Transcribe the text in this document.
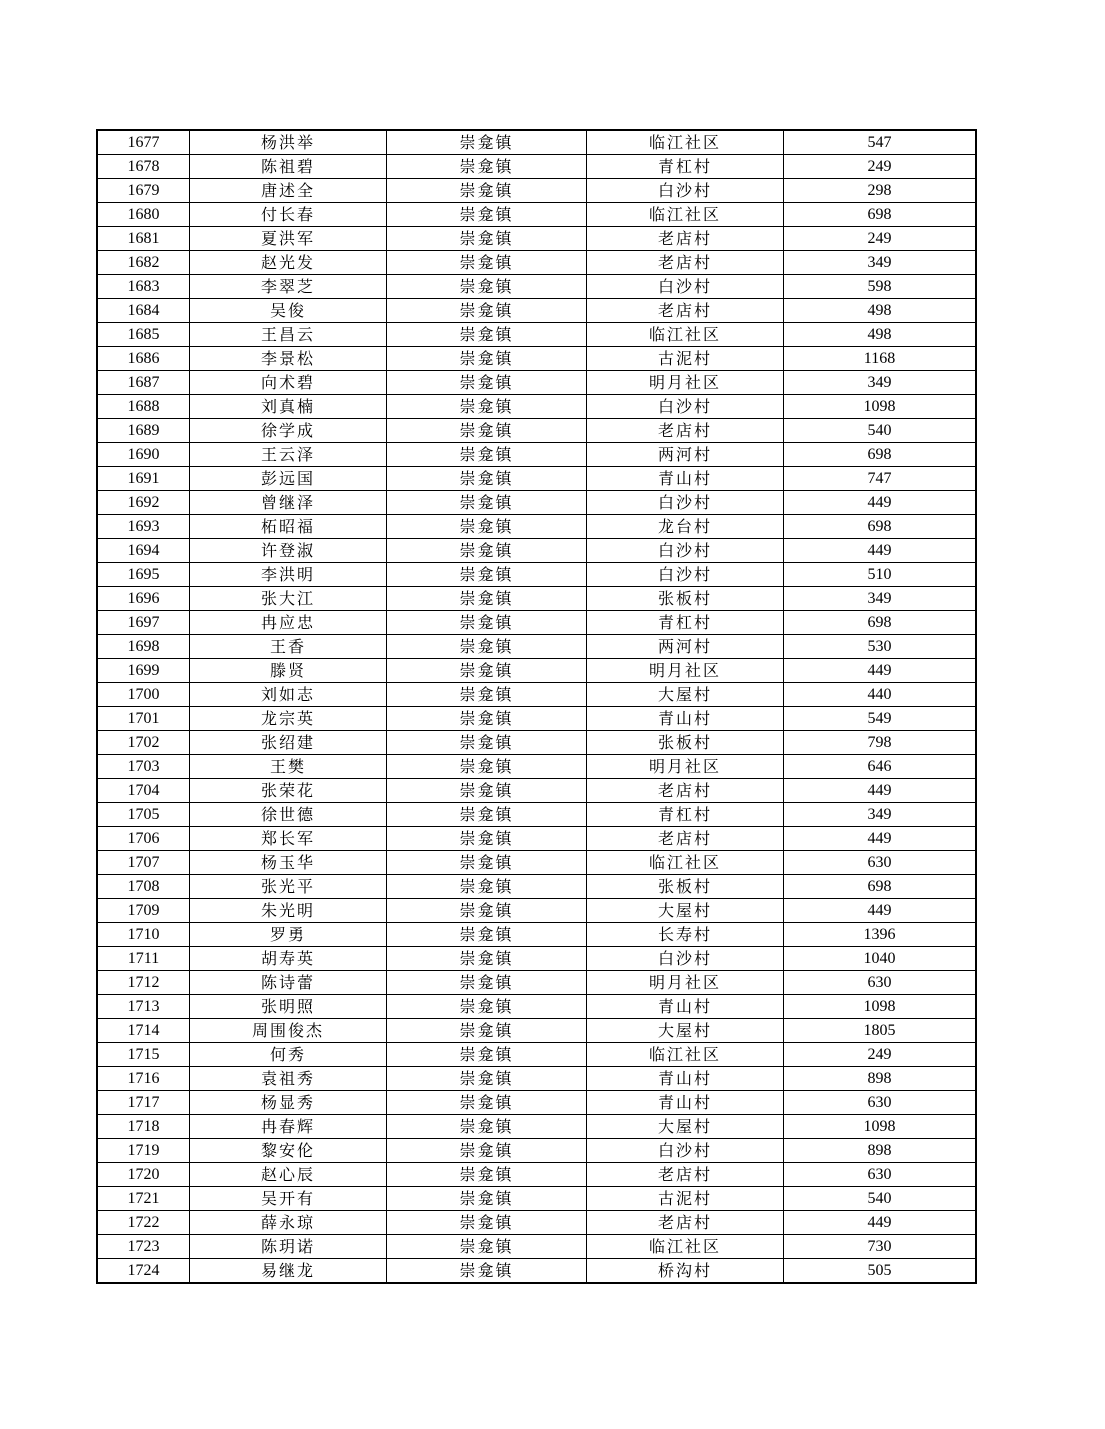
1677	杨洪举	崇龛镇	临江社区	547
1678	陈祖碧	崇龛镇	青杠村	249
1679	唐述全	崇龛镇	白沙村	298
1680	付长春	崇龛镇	临江社区	698
1681	夏洪军	崇龛镇	老店村	249
1682	赵光发	崇龛镇	老店村	349
1683	李翠芝	崇龛镇	白沙村	598
1684	吴俊	崇龛镇	老店村	498
1685	王昌云	崇龛镇	临江社区	498
1686	李景松	崇龛镇	古泥村	1168
1687	向术碧	崇龛镇	明月社区	349
1688	刘真楠	崇龛镇	白沙村	1098
1689	徐学成	崇龛镇	老店村	540
1690	王云泽	崇龛镇	两河村	698
1691	彭远国	崇龛镇	青山村	747
1692	曾继泽	崇龛镇	白沙村	449
1693	柘昭福	崇龛镇	龙台村	698
1694	许登淑	崇龛镇	白沙村	449
1695	李洪明	崇龛镇	白沙村	510
1696	张大江	崇龛镇	张板村	349
1697	冉应忠	崇龛镇	青杠村	698
1698	王香	崇龛镇	两河村	530
1699	滕贤	崇龛镇	明月社区	449
1700	刘如志	崇龛镇	大屋村	440
1701	龙宗英	崇龛镇	青山村	549
1702	张绍建	崇龛镇	张板村	798
1703	王樊	崇龛镇	明月社区	646
1704	张荣花	崇龛镇	老店村	449
1705	徐世德	崇龛镇	青杠村	349
1706	郑长军	崇龛镇	老店村	449
1707	杨玉华	崇龛镇	临江社区	630
1708	张光平	崇龛镇	张板村	698
1709	朱光明	崇龛镇	大屋村	449
1710	罗勇	崇龛镇	长寿村	1396
1711	胡寿英	崇龛镇	白沙村	1040
1712	陈诗蕾	崇龛镇	明月社区	630
1713	张明照	崇龛镇	青山村	1098
1714	周围俊杰	崇龛镇	大屋村	1805
1715	何秀	崇龛镇	临江社区	249
1716	袁祖秀	崇龛镇	青山村	898
1717	杨显秀	崇龛镇	青山村	630
1718	冉春辉	崇龛镇	大屋村	1098
1719	黎安伦	崇龛镇	白沙村	898
1720	赵心辰	崇龛镇	老店村	630
1721	吴开有	崇龛镇	古泥村	540
1722	薛永琼	崇龛镇	老店村	449
1723	陈玥诺	崇龛镇	临江社区	730
1724	易继龙	崇龛镇	桥沟村	505
